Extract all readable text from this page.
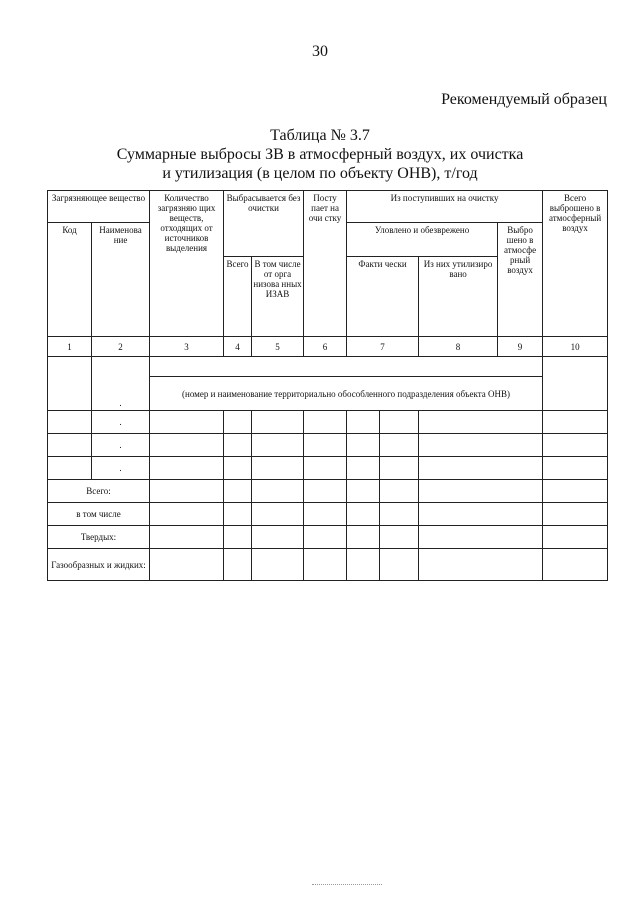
30
Рекомендуемый образец
Таблица № 3.7
Суммарные выбросы ЗВ в атмосферный воздух, их очистка
и утилизация (в целом по объекту ОНВ), т/год
Загрязняющее вещество		Количество загрязняю щих веществ, отходящих от источников выделения	Выбрасывается без очистки		Посту пает на очи стку	Из поступивших на очистку				Всего выброшено в атмосферный воздух
Код	Наименова ние					Уловлено и обезврежено			Выбро шено в атмосфе рный воздух	
			Всего	В том числе от орга низова нных ИЗАВ		Факти чески		Из них утилизиро вано		
1	2	3	4	5	6	7		8	9	10
	.									
		(номер и наименование территориально обособленного подразделения объекта ОНВ)								
	.									
	.									
	.									
Всего:										
в том числе										
Твердых:										
Газообразных и жидких:										
